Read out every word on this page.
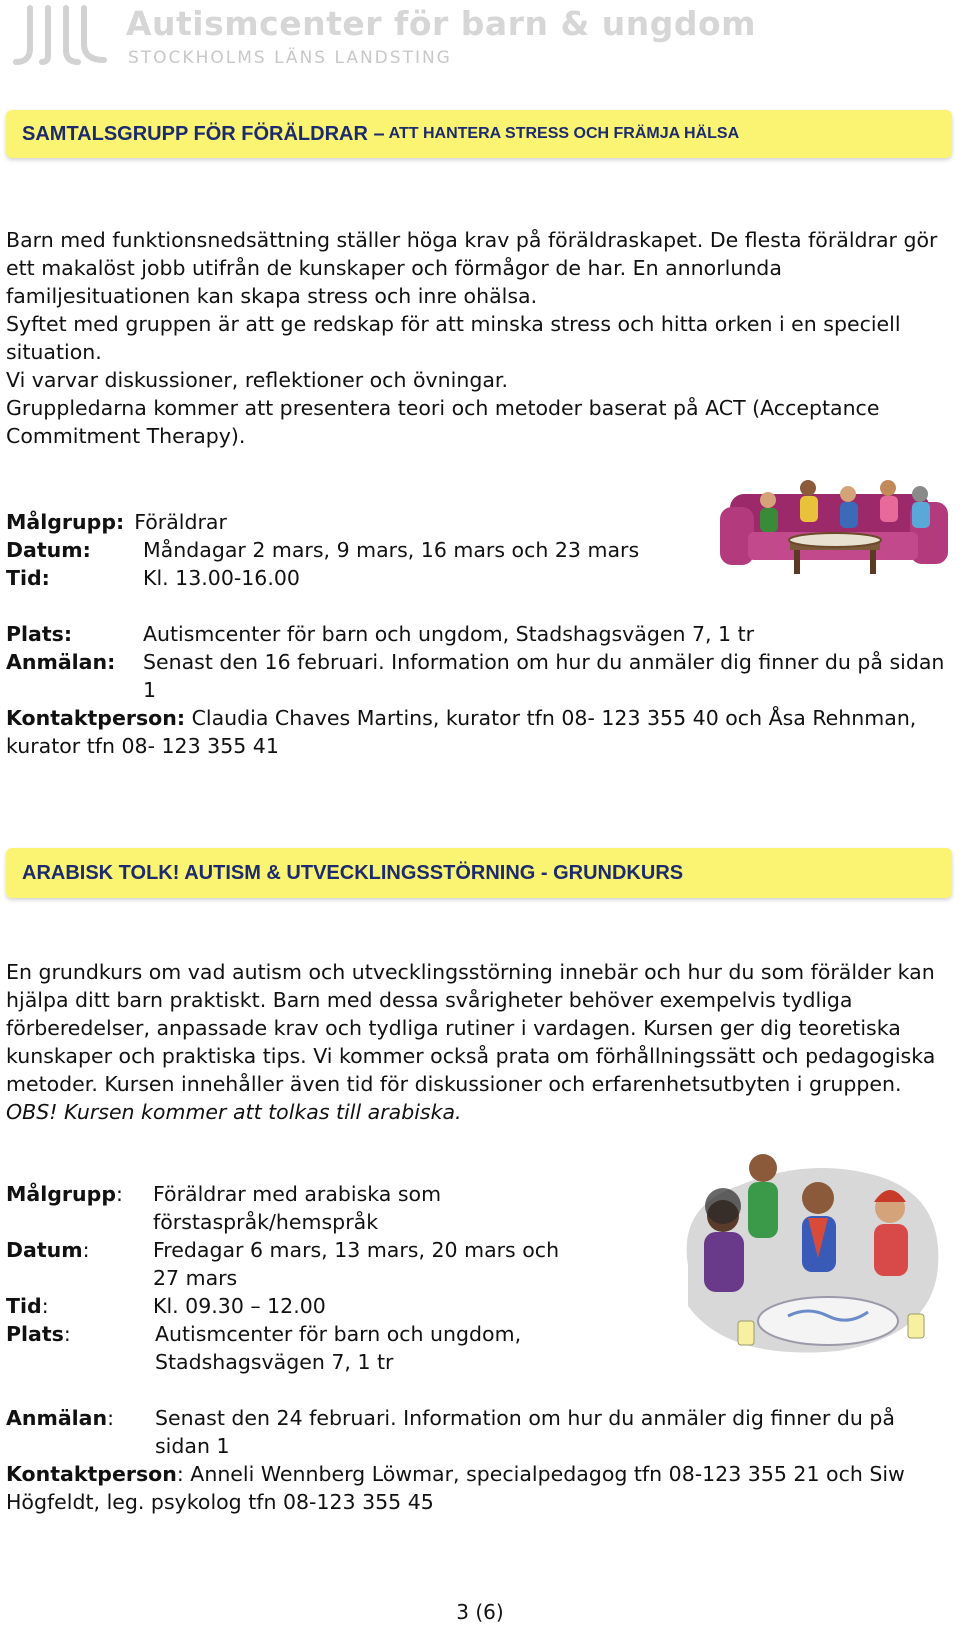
Autismcenter för barn & ungdom
STOCKHOLMS LÄNS LANDSTING
SAMTALSGRUPP FÖR FÖRÄLDRAR – ATT HANTERA STRESS OCH FRÄMJA HÄLSA

Barn med funktionsnedsättning ställer höga krav på föräldraskapet. De flesta föräldrar gör ett makalöst jobb utifrån de kunskaper och förmågor de har. En annorlunda familjesituationen kan skapa stress och inre ohälsa.

Syftet med gruppen är att ge redskap för att minska stress och hitta orken i en speciell situation.

Vi varvar diskussioner, reflektioner och övningar.

Gruppledarna kommer att presentera teori och metoder baserat på ACT (Acceptance Commitment Therapy).

Målgrupp: Föräldrar
Datum:	Måndagar 2 mars, 9 mars, 16 mars och 23 mars
Tid:	Kl. 13.00-16.00
Plats:	Autismcenter för barn och ungdom, Stadshagsvägen 7, 1 tr
Anmälan:	Senast den 16 februari. Information om hur du anmäler dig finner du på sidan 1
Kontaktperson: Claudia Chaves Martins, kurator tfn 08- 123 355 40 och Åsa Rehnman, kurator tfn 08- 123 355 41
ARABISK TOLK! AUTISM & UTVECKLINGSSTÖRNING - GRUNDKURS

En grundkurs om vad autism och utvecklingsstörning innebär och hur du som förälder kan hjälpa ditt barn praktiskt. Barn med dessa svårigheter behöver exempelvis tydliga förberedelser, anpassade krav och tydliga rutiner i vardagen. Kursen ger dig teoretiska kunskaper och praktiska tips. Vi kommer också prata om förhållningssätt och pedagogiska metoder. Kursen innehåller även tid för diskussioner och erfarenhetsutbyten i gruppen.

OBS! Kursen kommer att tolkas till arabiska.

Målgrupp:	Föräldrar med arabiska som förstaspråk/hemspråk
Datum:	Fredagar 6 mars, 13 mars, 20 mars och 27 mars
Tid:	Kl. 09.30 – 12.00
Plats:	Autismcenter för barn och ungdom, Stadshagsvägen 7, 1 tr
Anmälan:	Senast den 24 februari. Information om hur du anmäler dig finner du på sidan 1
Kontaktperson: Anneli Wennberg Löwmar, specialpedagog tfn 08-123 355 21 och Siw Högfeldt, leg. psykolog tfn 08-123 355 45
3 (6)
